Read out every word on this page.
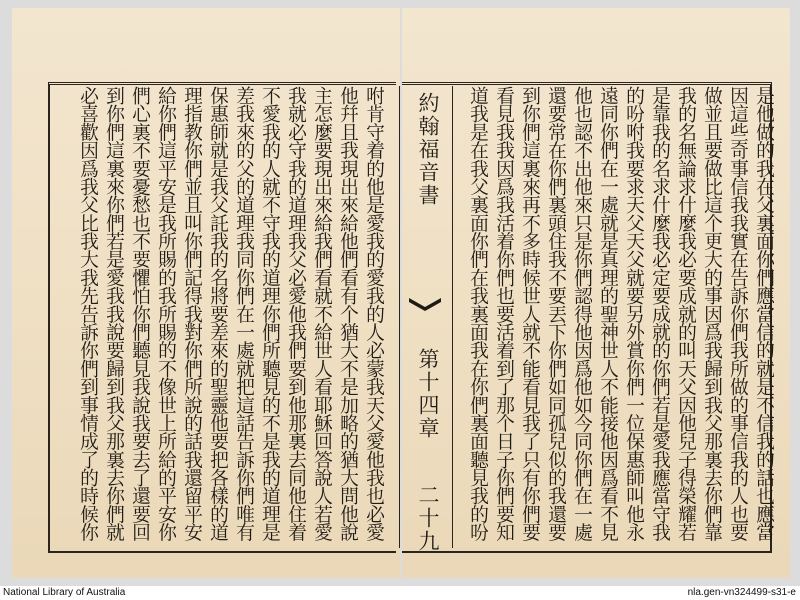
約翰福音書
第十四章
二十九	是他做的我在父裏面你們應當信的就是不信我的話也應當
因這些奇事信我我實在告訴你們我所做的事信我的人也要
做並且要做比這个更大的事因爲我歸到我父那裏去你們靠
我的名無論求什麼我必要成就的叫天父因他兒子得榮耀若
是靠我的名求什麼我必定要成就的你們若是愛我應當守我
的吩咐我要求天父天父就要另外賞你們一位保惠師叫他永
遠同你們在一處就是真理的聖神世人不能接他因爲看不見
他也認不出他來只是你們認得他因爲他如今同你們在一處
還要常在你們裏頭住我不要丟下你們如同孤兒似的我還要
到你們這裏來再不多時候世人就不能看見我了只有你們要
看見我我因爲我活着你們也要活着到了那个日子你們要知
道我是在我父裏面你們在我裏面我在你們裏面聽見我的吩
咐肯守着的他是愛我的愛我的人必蒙我天父愛他我也必愛
他幷且我現出來給他們看有个猶大不是加略的猶大問他說
主怎麼要現出來給我們看就不給世人看耶穌回答說人若愛
我就必守我的道理我父必愛他我們要到他那裏去同他住着
不愛我的人就不守我的道理你們所聽見的不是我的道理是
差我來的父的道理我同你們在一處就把這話告訴你們唯有
保惠師就是我父託我的名將要差來的聖靈他要把各樣的道
理指教你們並且叫你們記得我對你們所說的話我還留平安
給你們這平安是我所賜的我所賜的不像世上所給的平安你
們心裏不要憂愁也不要懼怕你們聽見我說我要去了還要回
到你們這裏來你們若是愛我我說要歸到我父那裏去你們就
必喜歡因爲我父比我大我先告訴你們到事情成了的時候你
National Library of Australia	nla.gen-vn324499-s31-e
